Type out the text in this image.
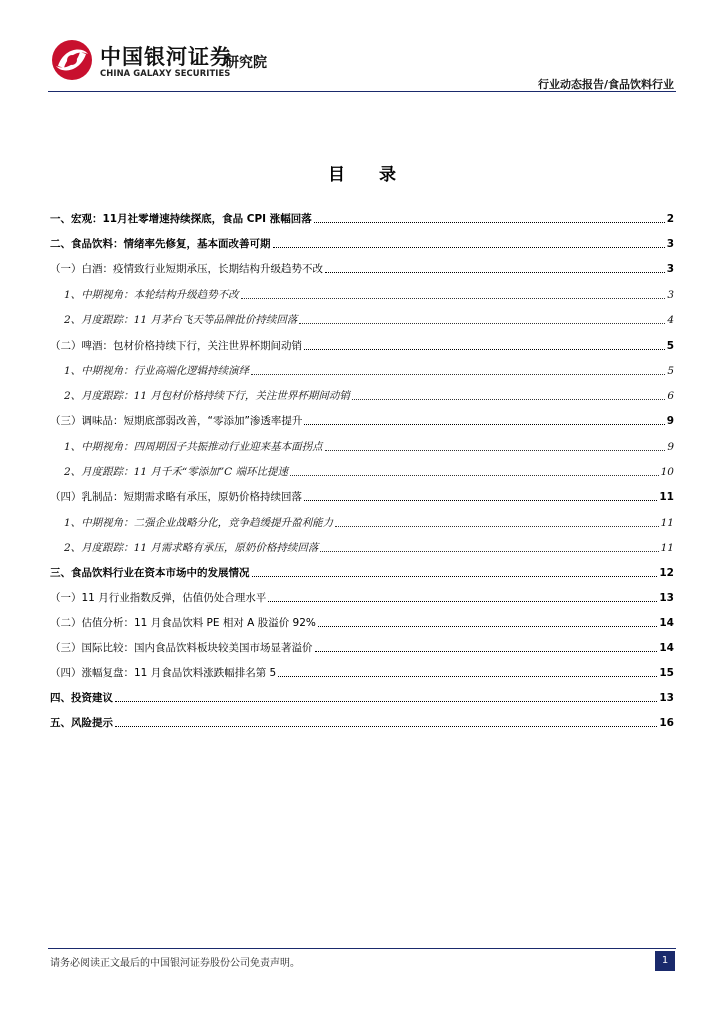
中国银河证券
CHINA GALAXY SECURITIES
研究院
行业动态报告/食品饮料行业
目 录
一、宏观：11月社零增速持续探底，食品 CPI 涨幅回落	2
二、食品饮料：情绪率先修复，基本面改善可期	3
（一）白酒：疫情致行业短期承压，长期结构升级趋势不改	3
1、中期视角：本轮结构升级趋势不改	3
2、月度跟踪：11 月茅台飞天等品牌批价持续回落	4
（二）啤酒：包材价格持续下行，关注世界杯期间动销	5
1、中期视角：行业高端化逻辑持续演绎	5
2、月度跟踪：11 月包材价格持续下行，关注世界杯期间动销	6
（三）调味品：短期底部弱改善，“零添加”渗透率提升	9
1、中期视角：四周期因子共振推动行业迎来基本面拐点	9
2、月度跟踪：11 月千禾“零添加”C 端环比提速	10
（四）乳制品：短期需求略有承压，原奶价格持续回落	11
1、中期视角：二强企业战略分化，竞争趋缓提升盈利能力	11
2、月度跟踪：11 月需求略有承压，原奶价格持续回落	11
三、食品饮料行业在资本市场中的发展情况	12
（一）11 月行业指数反弹，估值仍处合理水平	13
（二）估值分析：11 月食品饮料 PE 相对 A 股溢价 92%	14
（三）国际比较：国内食品饮料板块较美国市场显著溢价	14
（四）涨幅复盘：11 月食品饮料涨跌幅排名第 5	15
四、投资建议	13
五、风险提示	16
请务必阅读正文最后的中国银河证券股份公司免责声明。	1
